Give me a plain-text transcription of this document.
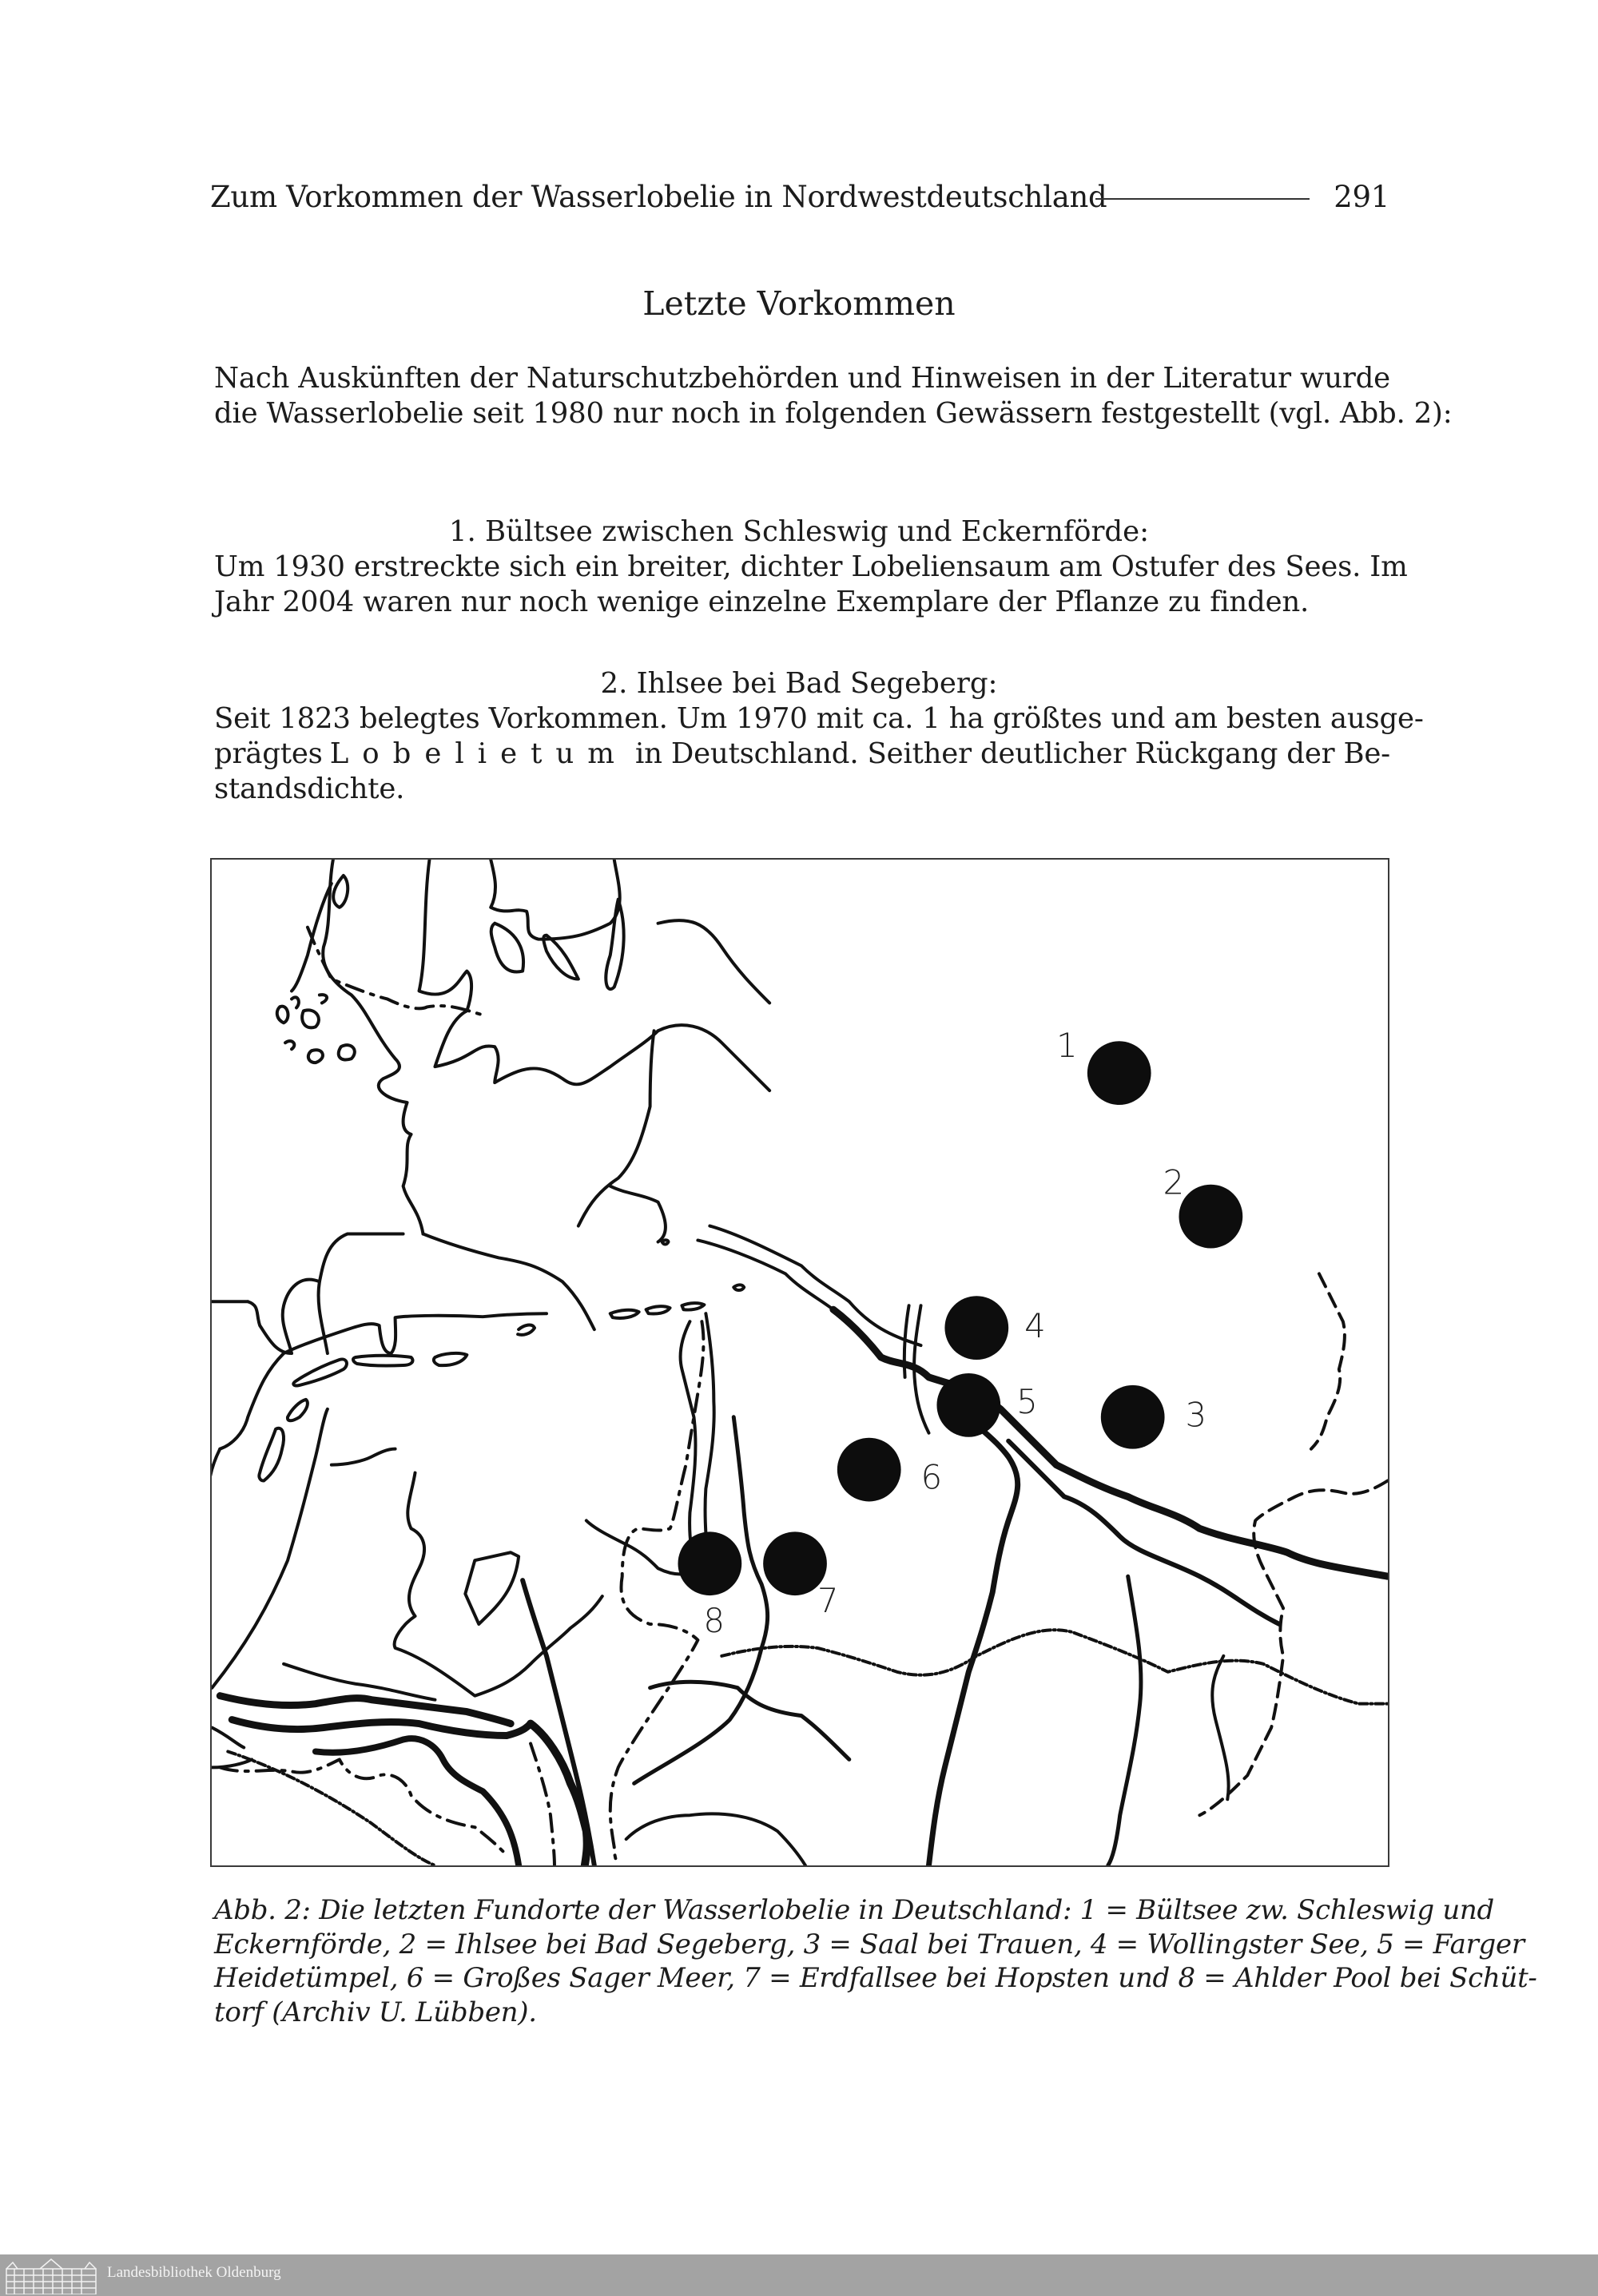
Zum Vorkommen der Wasserlobelie in Nordwestdeutschland	291
Letzte Vorkommen
Nach Auskünften der Naturschutzbehörden und Hinweisen in der Literatur wurde
die Wasserlobelie seit 1980 nur noch in folgenden Gewässern festgestellt (vgl. Abb. 2):
1. Bültsee zwischen Schleswig und Eckernförde:
Um 1930 erstreckte sich ein breiter, dichter Lobeliensaum am Ostufer des Sees. Im
Jahr 2004 waren nur noch wenige einzelne Exemplare der Pflanze zu finden.
2. Ihlsee bei Bad Segeberg:
Seit 1823 belegtes Vorkommen. Um 1970 mit ca. 1 ha größtes und am besten ausge-
prägtes Lobelietum in Deutschland. Seither deutlicher Rückgang der Be-
standsdichte.
1
2
3
4
5
6
7
8
Abb. 2: Die letzten Fundorte der Wasserlobelie in Deutschland: 1 = Bültsee zw. Schleswig und
Eckernförde, 2 = Ihlsee bei Bad Segeberg, 3 = Saal bei Trauen, 4 = Wollingster See, 5 = Farger
Heidetümpel, 6 = Großes Sager Meer, 7 = Erdfallsee bei Hopsten und 8 = Ahlder Pool bei Schüt-
torf (Archiv U. Lübben).
Landesbibliothek Oldenburg
